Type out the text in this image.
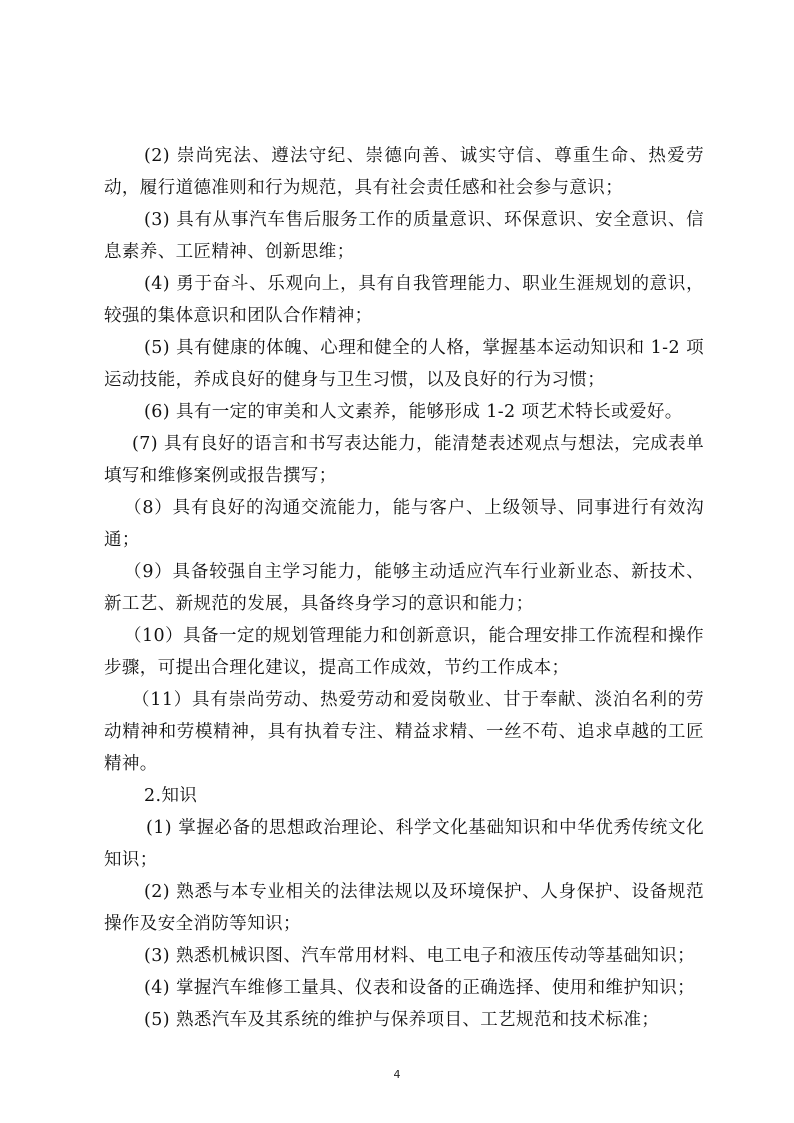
(2) 崇尚宪法、遵法守纪、崇德向善、诚实守信、尊重生命、热爱劳动，履行道德准则和行为规范，具有社会责任感和社会参与意识；

(3) 具有从事汽车售后服务工作的质量意识、环保意识、安全意识、信息素养、工匠精神、创新思维；

(4) 勇于奋斗、乐观向上，具有自我管理能力、职业生涯规划的意识，较强的集体意识和团队合作精神；

(5) 具有健康的体魄、心理和健全的人格，掌握基本运动知识和 1-2 项运动技能，养成良好的健身与卫生习惯，以及良好的行为习惯；

(6) 具有一定的审美和人文素养，能够形成 1-2 项艺术特长或爱好。

(7) 具有良好的语言和书写表达能力，能清楚表述观点与想法，完成表单填写和维修案例或报告撰写；

（8）具有良好的沟通交流能力，能与客户、上级领导、同事进行有效沟通；

（9）具备较强自主学习能力，能够主动适应汽车行业新业态、新技术、新工艺、新规范的发展，具备终身学习的意识和能力；

（10）具备一定的规划管理能力和创新意识，能合理安排工作流程和操作步骤，可提出合理化建议，提高工作成效，节约工作成本；

（11）具有崇尚劳动、热爱劳动和爱岗敬业、甘于奉献、淡泊名利的劳动精神和劳模精神，具有执着专注、精益求精、一丝不苟、追求卓越的工匠精神。

2.知识

(1) 掌握必备的思想政治理论、科学文化基础知识和中华优秀传统文化知识；

(2) 熟悉与本专业相关的法律法规以及环境保护、人身保护、设备规范操作及安全消防等知识；

(3) 熟悉机械识图、汽车常用材料、电工电子和液压传动等基础知识；

(4) 掌握汽车维修工量具、仪表和设备的正确选择、使用和维护知识；

(5) 熟悉汽车及其系统的维护与保养项目、工艺规范和技术标准；

4
